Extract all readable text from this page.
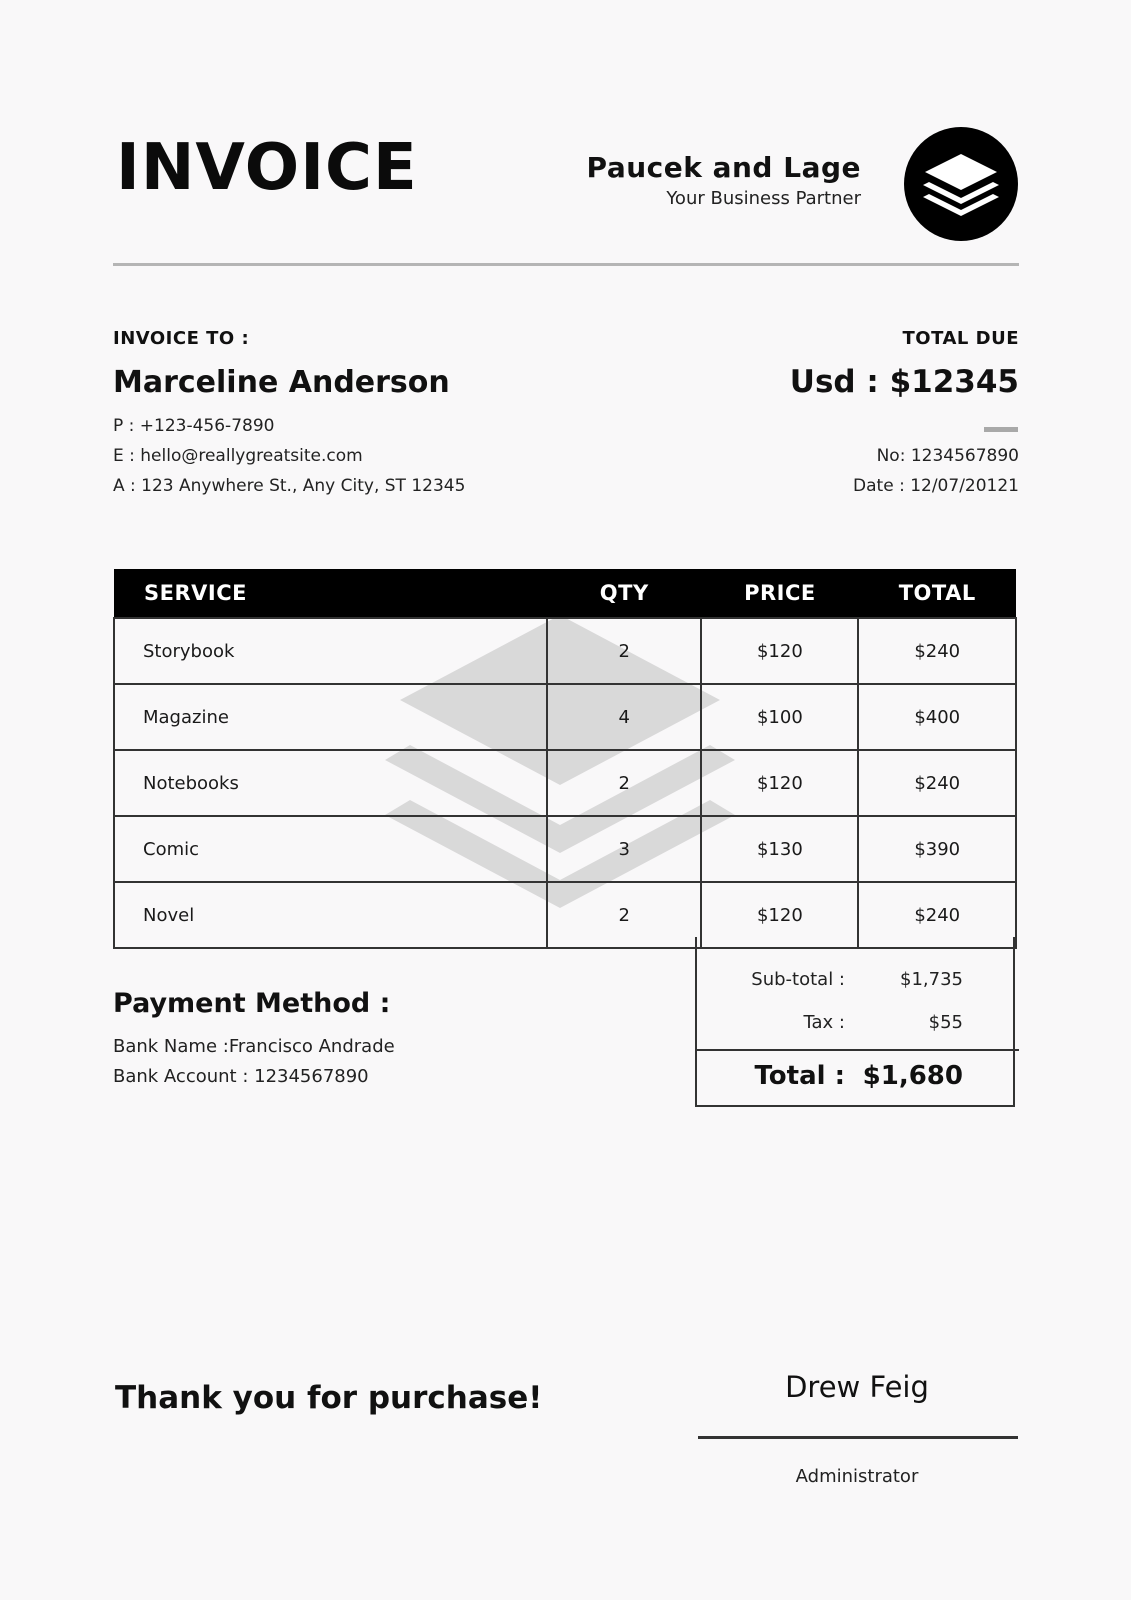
INVOICE	Paucek and Lage
Your Business Partner
INVOICE TO :
Marceline Anderson
P : +123-456-7890
E : hello@reallygreatsite.com
A : 123 Anywhere St., Any City, ST 12345
TOTAL DUE
Usd : $12345
No: 1234567890
Date : 12/07/20121
SERVICE	QTY	PRICE	TOTAL
Storybook	2	$120	$240
Magazine	4	$100	$400
Notebooks	2	$120	$240
Comic	3	$130	$390
Novel	2	$120	$240
Sub-total :	$1,735
Tax :	$55
Total : $1,680
Payment Method :
Bank Name :Francisco Andrade
Bank Account : 1234567890
Thank you for purchase!	Drew Feig
Administrator
